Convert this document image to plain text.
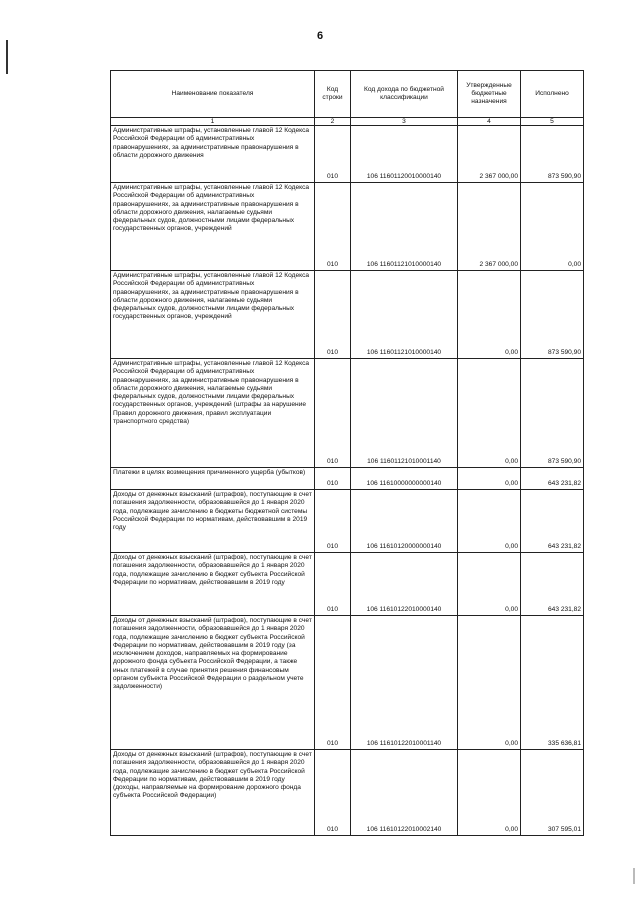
6
Наименование показателя	Код строки	Код дохода по бюджетной классификации	Утвержденные бюджетные назначения	Исполнено
1	2	3	4	5
Административные штрафы, установленные главой 12 Кодекса Российской Федерации об административных правонарушениях, за административные правонарушения в области дорожного движения	010	106 11601120010000140	2 367 000,00	873 590,90
Административные штрафы, установленные главой 12 Кодекса Российской Федерации об административных правонарушениях, за административные правонарушения в области дорожного движения, налагаемые судьями федеральных судов, должностными лицами федеральных государственных органов, учреждений	010	106 11601121010000140	2 367 000,00	0,00
Административные штрафы, установленные главой 12 Кодекса Российской Федерации об административных правонарушениях, за административные правонарушения в области дорожного движения, налагаемые судьями федеральных судов, должностными лицами федеральных государственных органов, учреждений	010	106 11601121010000140	0,00	873 590,90
Административные штрафы, установленные главой 12 Кодекса Российской Федерации об административных правонарушениях, за административные правонарушения в области дорожного движения, налагаемые судьями федеральных судов, должностными лицами федеральных государственных органов, учреждений (штрафы за нарушение Правил дорожного движения, правил эксплуатации транспортного средства)	010	106 11601121010001140	0,00	873 590,90
Платежи в целях возмещения причиненного ущерба (убытков)	010	106 11610000000000140	0,00	643 231,82
Доходы от денежных взысканий (штрафов), поступающие в счет погашения задолженности, образовавшейся до 1 января 2020 года, подлежащие зачислению в бюджеты бюджетной системы Российской Федерации по нормативам, действовавшим в 2019 году	010	106 11610120000000140	0,00	643 231,82
Доходы от денежных взысканий (штрафов), поступающие в счет погашения задолженности, образовавшейся до 1 января 2020 года, подлежащие зачислению в бюджет субъекта Российской Федерации по нормативам, действовавшим в 2019 году	010	106 11610122010000140	0,00	643 231,82
Доходы от денежных взысканий (штрафов), поступающие в счет погашения задолженности, образовавшейся до 1 января 2020 года, подлежащие зачислению в бюджет субъекта Российской Федерации по нормативам, действовавшим в 2019 году (за исключением доходов, направляемых на формирование дорожного фонда субъекта Российской Федерации, а также иных платежей в случае принятия решения финансовым органом субъекта Российской Федерации о раздельном учете задолженности)	010	106 11610122010001140	0,00	335 636,81
Доходы от денежных взысканий (штрафов), поступающие в счет погашения задолженности, образовавшейся до 1 января 2020 года, подлежащие зачислению в бюджет субъекта Российской Федерации по нормативам, действовавшим в 2019 году (доходы, направляемые на формирование дорожного фонда субъекта Российской Федерации)	010	106 11610122010002140	0,00	307 595,01
